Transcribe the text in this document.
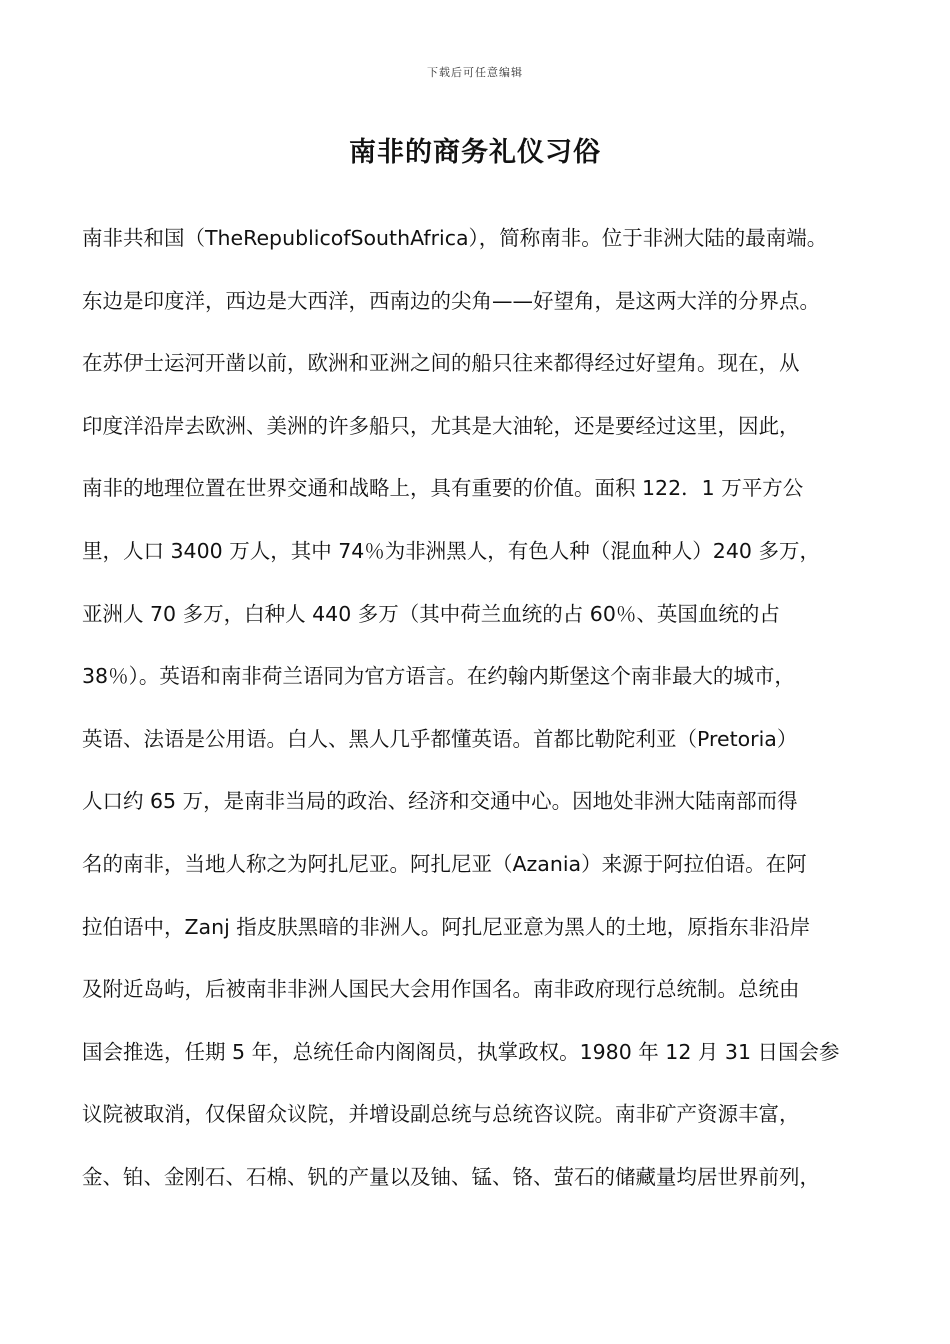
下载后可任意编辑
南非的商务礼仪习俗
南非共和国（TheRepublicofSouthAfrica），简称南非。位于非洲大陆的最南端。
东边是印度洋，西边是大西洋，西南边的尖角——好望角，是这两大洋的分界点。
在苏伊士运河开凿以前，欧洲和亚洲之间的船只往来都得经过好望角。现在，从
印度洋沿岸去欧洲、美洲的许多船只，尤其是大油轮，还是要经过这里，因此，
南非的地理位置在世界交通和战略上，具有重要的价值。面积 122．1 万平方公
里，人口 3400 万人，其中 74％为非洲黑人，有色人种（混血种人）240 多万，
亚洲人 70 多万，白种人 440 多万（其中荷兰血统的占 60％、英国血统的占
38％）。英语和南非荷兰语同为官方语言。在约翰内斯堡这个南非最大的城市，
英语、法语是公用语。白人、黑人几乎都懂英语。首都比勒陀利亚（Pretoria）
人口约 65 万，是南非当局的政治、经济和交通中心。因地处非洲大陆南部而得
名的南非，当地人称之为阿扎尼亚。阿扎尼亚（Azania）来源于阿拉伯语。在阿
拉伯语中，Zanj 指皮肤黑暗的非洲人。阿扎尼亚意为黑人的土地，原指东非沿岸
及附近岛屿，后被南非非洲人国民大会用作国名。南非政府现行总统制。总统由
国会推选，任期 5 年，总统任命内阁阁员，执掌政权。1980 年 12 月 31 日国会参
议院被取消，仅保留众议院，并增设副总统与总统咨议院。南非矿产资源丰富，
金、铂、金刚石、石棉、钒的产量以及铀、锰、铬、萤石的储藏量均居世界前列，
